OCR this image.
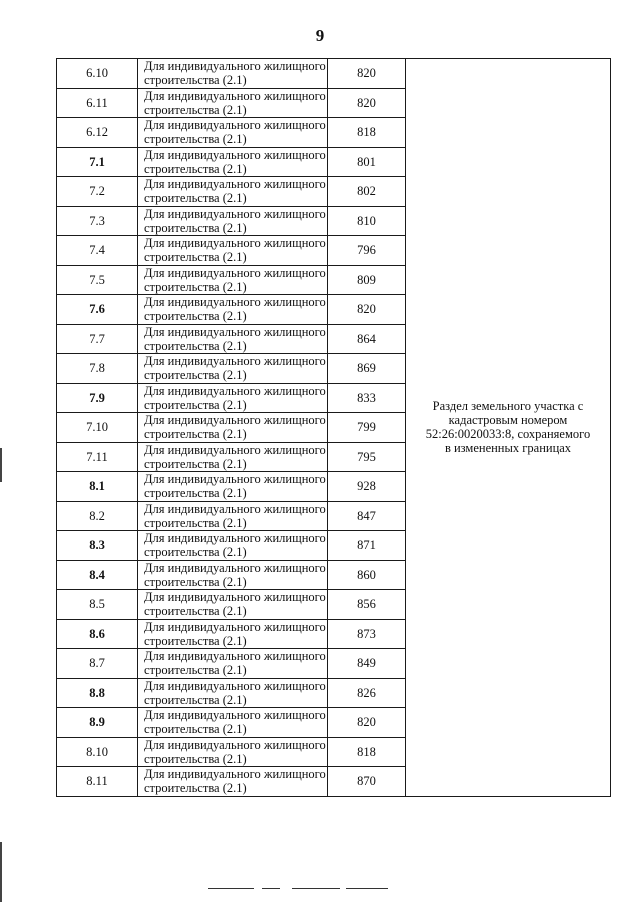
9
6.10	Для индивидуального жилищного строительства (2.1)	820	Раздел земельного участка с кадастровым номером 52:26:0020033:8, сохраняемого в измененных границах
6.11	Для индивидуального жилищного строительства (2.1)	820	
6.12	Для индивидуального жилищного строительства (2.1)	818	
7.1	Для индивидуального жилищного строительства (2.1)	801	
7.2	Для индивидуального жилищного строительства (2.1)	802	
7.3	Для индивидуального жилищного строительства (2.1)	810	
7.4	Для индивидуального жилищного строительства (2.1)	796	
7.5	Для индивидуального жилищного строительства (2.1)	809	
7.6	Для индивидуального жилищного строительства (2.1)	820	
7.7	Для индивидуального жилищного строительства (2.1)	864	
7.8	Для индивидуального жилищного строительства (2.1)	869	
7.9	Для индивидуального жилищного строительства (2.1)	833	
7.10	Для индивидуального жилищного строительства (2.1)	799	
7.11	Для индивидуального жилищного строительства (2.1)	795	
8.1	Для индивидуального жилищного строительства (2.1)	928	
8.2	Для индивидуального жилищного строительства (2.1)	847	
8.3	Для индивидуального жилищного строительства (2.1)	871	
8.4	Для индивидуального жилищного строительства (2.1)	860	
8.5	Для индивидуального жилищного строительства (2.1)	856	
8.6	Для индивидуального жилищного строительства (2.1)	873	
8.7	Для индивидуального жилищного строительства (2.1)	849	
8.8	Для индивидуального жилищного строительства (2.1)	826	
8.9	Для индивидуального жилищного строительства (2.1)	820	
8.10	Для индивидуального жилищного строительства (2.1)	818	
8.11	Для индивидуального жилищного строительства (2.1)	870	
